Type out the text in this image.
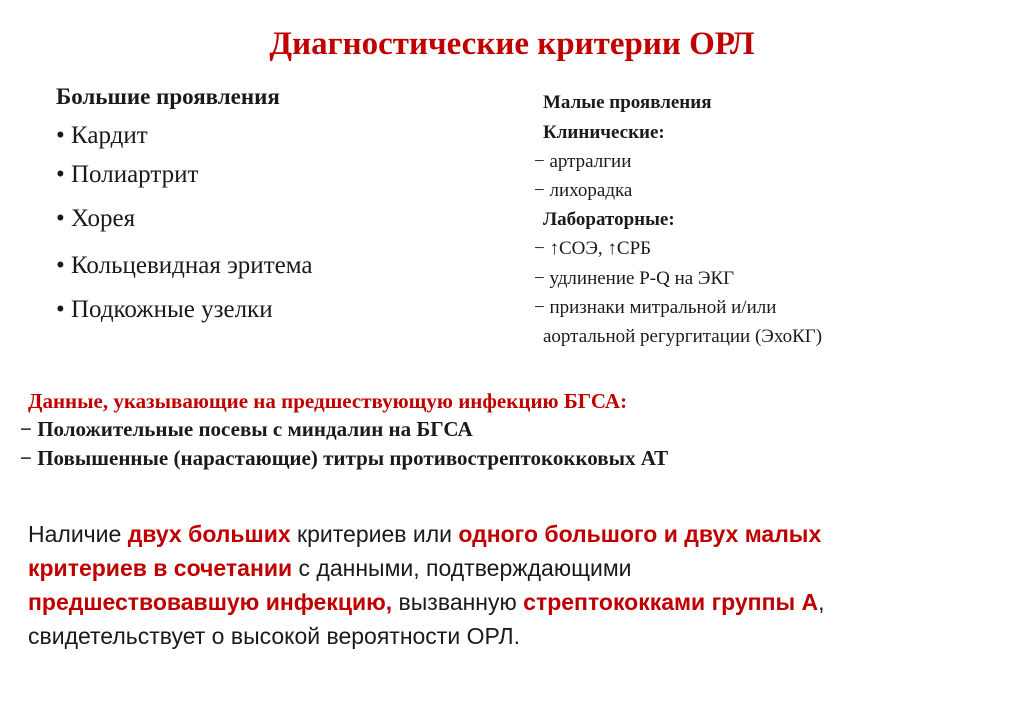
Диагностические критерии ОРЛ
Большие проявления
• Кардит
• Полиартрит
• Хорея
• Кольцевидная эритема
• Подкожные узелки
Малые проявления
Клинические:
− артралгии
− лихорадка
Лабораторные:
− ↑СОЭ, ↑СРБ
− удлинение P-Q на ЭКГ
− признаки митральной и/или
аортальной регургитации (ЭхоКГ)
Данные, указывающие на предшествующую инфекцию БГСА:
− Положительные посевы с миндалин на БГСА
− Повышенные (нарастающие) титры противострептококковых АТ
Наличие двух больших критериев или одного большого и двух малых
критериев в сочетании с данными, подтверждающими
предшествовавшую инфекцию, вызванную стрептококками группы А,
свидетельствует о высокой вероятности ОРЛ.
